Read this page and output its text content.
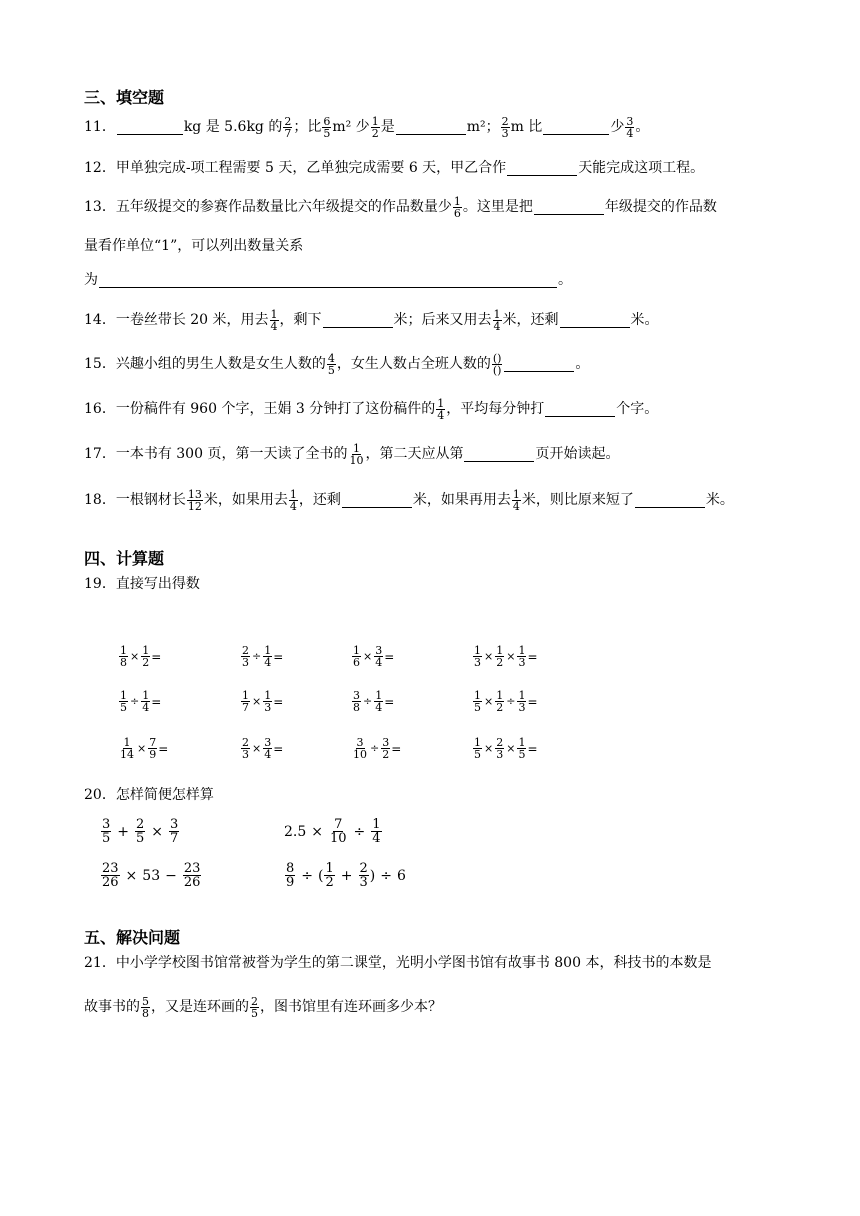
三、填空题
11．	kg 是 5.6kg 的 $\frac{2}{7}$ ；比 $\frac{6}{5} m^2$ 少 $\frac{1}{2}$ 是	m²； $\frac{2}{3}$ m 比	少 $\frac{3}{4}$ 。
12． 甲单独完成-项工程需要 5 天，乙单独完成需要 6 天，甲乙合作	天能完成这项工程。
13． 五年级提交的参赛作品数量比六年级提交的作品数量少 $\frac{1}{6}$ 。这里是把	年级提交的作品数
量看作单位“1”，可以列出数量关系
为	。
14． 一卷丝带长 20 米，用去 $\frac{1}{4}$ ，剩下	米；后来又用去 $\frac{1}{4}$ 米，还剩	米。
15． 兴趣小组的男生人数是女生人数的 $\frac{4}{5}$ ，女生人数占全班人数的 $\frac{()}{()}$	。
16． 一份稿件有 960 个字，王娟 3 分钟打了这份稿件的 $\frac{1}{4}$ ，平均每分钟打	个字。
17． 一本书有 300 页，第一天读了全书的 $\frac{1}{10}$ ，第二天应从第	页开始读起。
18． 一根钢材长 $\frac{13}{12}$ 米，如果用去 $\frac{1}{4}$ ，还剩	米，如果再用去 $\frac{1}{4}$ 米，则比原来短了	米。
四、计算题
19． 直接写出得数
$\frac{1}{8} \times \frac{1}{2}$ =	$\frac{2}{3} \div \frac{1}{4}$ =	$\frac{1}{6} \times \frac{3}{4}$ =	$\frac{1}{3} \times \frac{1}{2} \times \frac{1}{3}$ =
$\frac{1}{5} \div \frac{1}{4}$ =	$\frac{1}{7} \times \frac{1}{3}$ =	$\frac{3}{8} \div \frac{1}{4}$ =	$\frac{1}{5} \times \frac{1}{2} \div \frac{1}{3}$ =
$\frac{1}{14} \times \frac{7}{9}$ =	$\frac{2}{3} \times \frac{3}{4}$ =	$\frac{3}{10} \div \frac{3}{2}$ =	$\frac{1}{5} \times \frac{2}{3} \times \frac{1}{5}$ =
20． 怎样简便怎样算
$\frac{3}{5} + \frac{2}{5} \times \frac{3}{7}$	$2.5 \times \frac{7}{10} \div \frac{1}{4}$
$\frac{23}{26} \times 53 - \frac{23}{26}$	$\frac{8}{9}$ ÷ ( $\frac{1}{2} + \frac{2}{3}$ ) ÷ 6
五、解决问题
21． 中小学学校图书馆常被誉为学生的第二课堂，光明小学图书馆有故事书 800 本，科技书的本数是
故事书的 $\frac{5}{8}$ ，又是连环画的 $\frac{2}{5}$ ，图书馆里有连环画多少本？
